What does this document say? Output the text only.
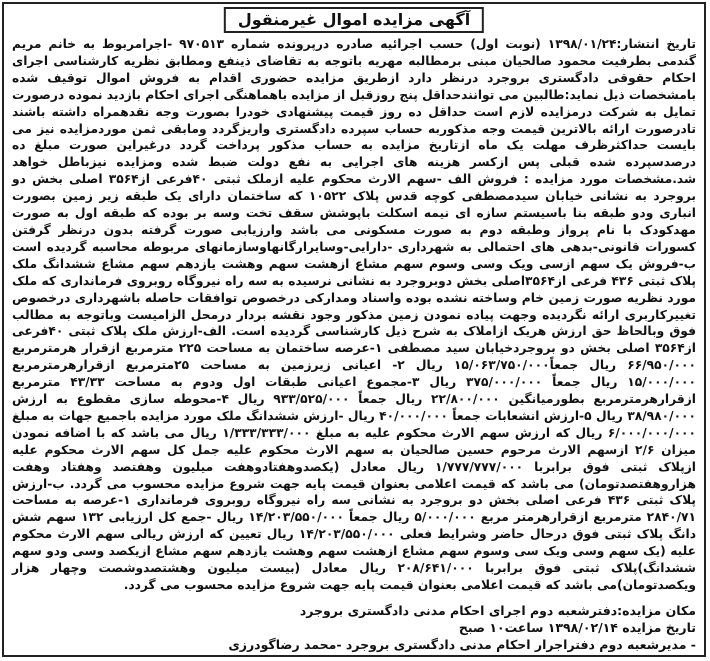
آگهی مزایده اموال غیرمنقول

تاریخ انتشار:۱۳۹۸/۰۱/۲۴ (نوبت اول) حسب اجرائیه صادره درپرونده شماره ۹۷۰۵۱۳ -اجرامربوط به خانم مریم گندمی بطرفیت محمود صالحیان مبنی برمطالبه مهریه باتوجه به تقاضای ذینفع ومطابق نظریه کارشناسی اجرای احکام حقوقی دادگستری بروجرد درنظر دارد ازطریق مزایده حضوری اقدام به فروش اموال توقیف شده بامشخصات ذیل نماید:طالبین می توانندحداقل پنج روزقبل از مزایده باهماهنگی اجرای احکام بازدید نموده درصورت تمایل به شرکت درمزایده لازم است حداقل ده روز قیمت پیشنهادی خودرا بصورت وجه نقدهمراه داشته باشند تادرصورت ارائه بالاترین قیمت وجه مذکوربه حساب سپرده دادگستری واریزگردد ومابقی ثمن موردمزایده نیز می بایست حداکثرظرف مهلت یک ماه ازتاریخ مزایده به حساب مذکور پرداخت گردد درغیراین صورت مبلغ ده درصدسپرده شده قبلی پس ازکسر هزینه های اجرایی به نفع دولت ضبط شده ومزایده نیزباطل خواهد شد.مشخصات مورد مزایده : فروش الف -سهم الارث محکوم علیه ازملک ثبتی ۴۰فرعی از۳۵۶۴ اصلی بخش دو بروجرد به نشانی خیابان سیدمصطفی کوچه قدس پلاک ۱۰۵۲۲ که ساختمان دارای یک طبقه زیر زمین بصورت انباری ودو طبقه بنا باسیستم سازه ای نیمه اسکلت باپوشش سقف تخت وسه بر بوده که طبقه اول به صورت مهدکودک با نام پرواز وطبقه دوم به صورت مسکونی می باشد وارزیابی صورت گرفته بدون درنظر گرفتن کسورات قانونی-بدهی های احتمالی به شهرداری -دارایی-وسایرارگانهاوسازمانهای مربوطه محاسبه گردیده است ب-فروش یک سهم ازسی ویک وسی وسوم سهم مشاع ازهشت سهم وهشت یازدهم سهم مشاع ششدانگ ملک پلاک ثبتی ۴۳۶ فرعی از۳۵۶۴اصلی بخش دوبروجرد به نشانی نرسیده به سه راه نیروگاه روبروی فرمانداری که ملک مورد نظریه صورت زمین خام وساخته نشده بوده واسناد ومدارکی درخصوص توافقات حاصله باشهرداری درخصوص تغییرکاربری ارائه نگردیده وجهت پیاده نمودن زمین مذکور وجود نقشه بردار درمحل الزامیست وباتوجه به مطالب فوق وبالحاظ حق ارزش هریک ازاملاک به شرح ذیل کارشناسی گردیده است. الف-ارزش ملک پلاک ثبتی ۴۰فرعی از۳۵۶۴ اصلی بخش دو بروجردخیابان سید مصطفی ۱-عرصه ساختمان به مساحت ۲۲۵ مترمربع ازقرار هرمترمربع ۶۶/۹۵۰/۰۰۰ ریال جمعاً۱۵/۰۶۳/۷۵۰/۰۰۰ ریال ۲- اعیانی زیرزمین به مساحت ۲۵مترمربع ازقرارهرمترمربع ۱۵/۰۰۰/۰۰۰ ریال جمعاً ۳۷۵/۰۰۰/۰۰۰ ریال ۳-مجموع اعیانی طبقات اول ودوم به مساحت ۴۳/۳۳ مترمربع ازقرارهرمترمربع بطورمیانگین ۲۲/۸۰۰/۰۰۰ ریال جمعاً ۹۳۳/۵۲۵/۰۰۰ ریال ۴-محوطه سازی مقطوع به ارزش ۳۸/۹۸۰/۰۰۰ ریال ۵-ارزش انشعابات جمعاً ۴۰/۰۰۰/۰۰۰ ریال -ارزش ششدانگ ملک مورد مزایده باجمیع جهات به مبلغ ۶/۰۰۰/۰۰۰/۰۰۰ ریال که ارزش سهم الارث محکوم علیه به مبلغ ۱/۳۳۳/۳۳۳/۰۰۰ ریال می باشد که با اضافه نمودن میزان ۲/۶ ازسهم الارث مرحوم حسین صالحیان به سهم الارث محکوم علیه جمل کل سهم الارث محکوم علیه ازپلاک ثبتی فوق برابربا ۱/۷۷۷/۷۷۷/۰۰۰ ریال معادل (یکصدوهفتادوهفت میلیون وهفتصد وهفتاد وهفت هزاروهفتصدتومان) می باشد که قیمت اعلامی بعنوان قیمت پایه جهت شروع مزایده محسوب می گردد. ب-ارزش پلاک ثبتی ۴۳۶ فرعی اصلی بخش دو بروجرد به نشانی سه راه نیروگاه روبروی فرمانداری ۱-عرصه به مساحت ۲۸۴۰/۷۱ مترمربع ازقرارهرمتر مربع ۵/۰۰۰/۰۰۰ ریال جمعاً ۱۴/۲۰۳/۵۵۰/۰۰۰ ریال -جمع کل ارزیابی ۱۳۲ سهم شش دانگ پلاک ثبتی فوق درحال حاضر وشرایط فعلی ۱۴/۲۰۳/۵۵۰/۰۰۰ ریال تعیین که ارزش ریالی سهم الارث محکوم علیه (یک سهم وسی ویک سی وسوم سهم مشاع ازهشت سهم وهشت یازدهم سهم مشاع ازیکصد وسی ودو سهم ششدانگ)پلاک ثبتی فوق برابربا ۲۰۸/۶۴۱/۰۰۰ ریال معادل (بیست میلیون وهشتصدوشصت وچهار هزار ویکصدتومان)می باشد که قیمت اعلامی بعنوان قیمت پایه جهت شروع مزایده محسوب می گردد.

مکان مزایده:دفترشعبه دوم اجرای احکام مدنی دادگستری بروجرد
تاریخ مزایده ۱۳۹۸/۰۲/۱۴ ساعت۱۰ صبح
- مدیرشعبه دوم دفتراجرار احکام مدنی دادگستری بروجرد -محمد رضاگودرزی
